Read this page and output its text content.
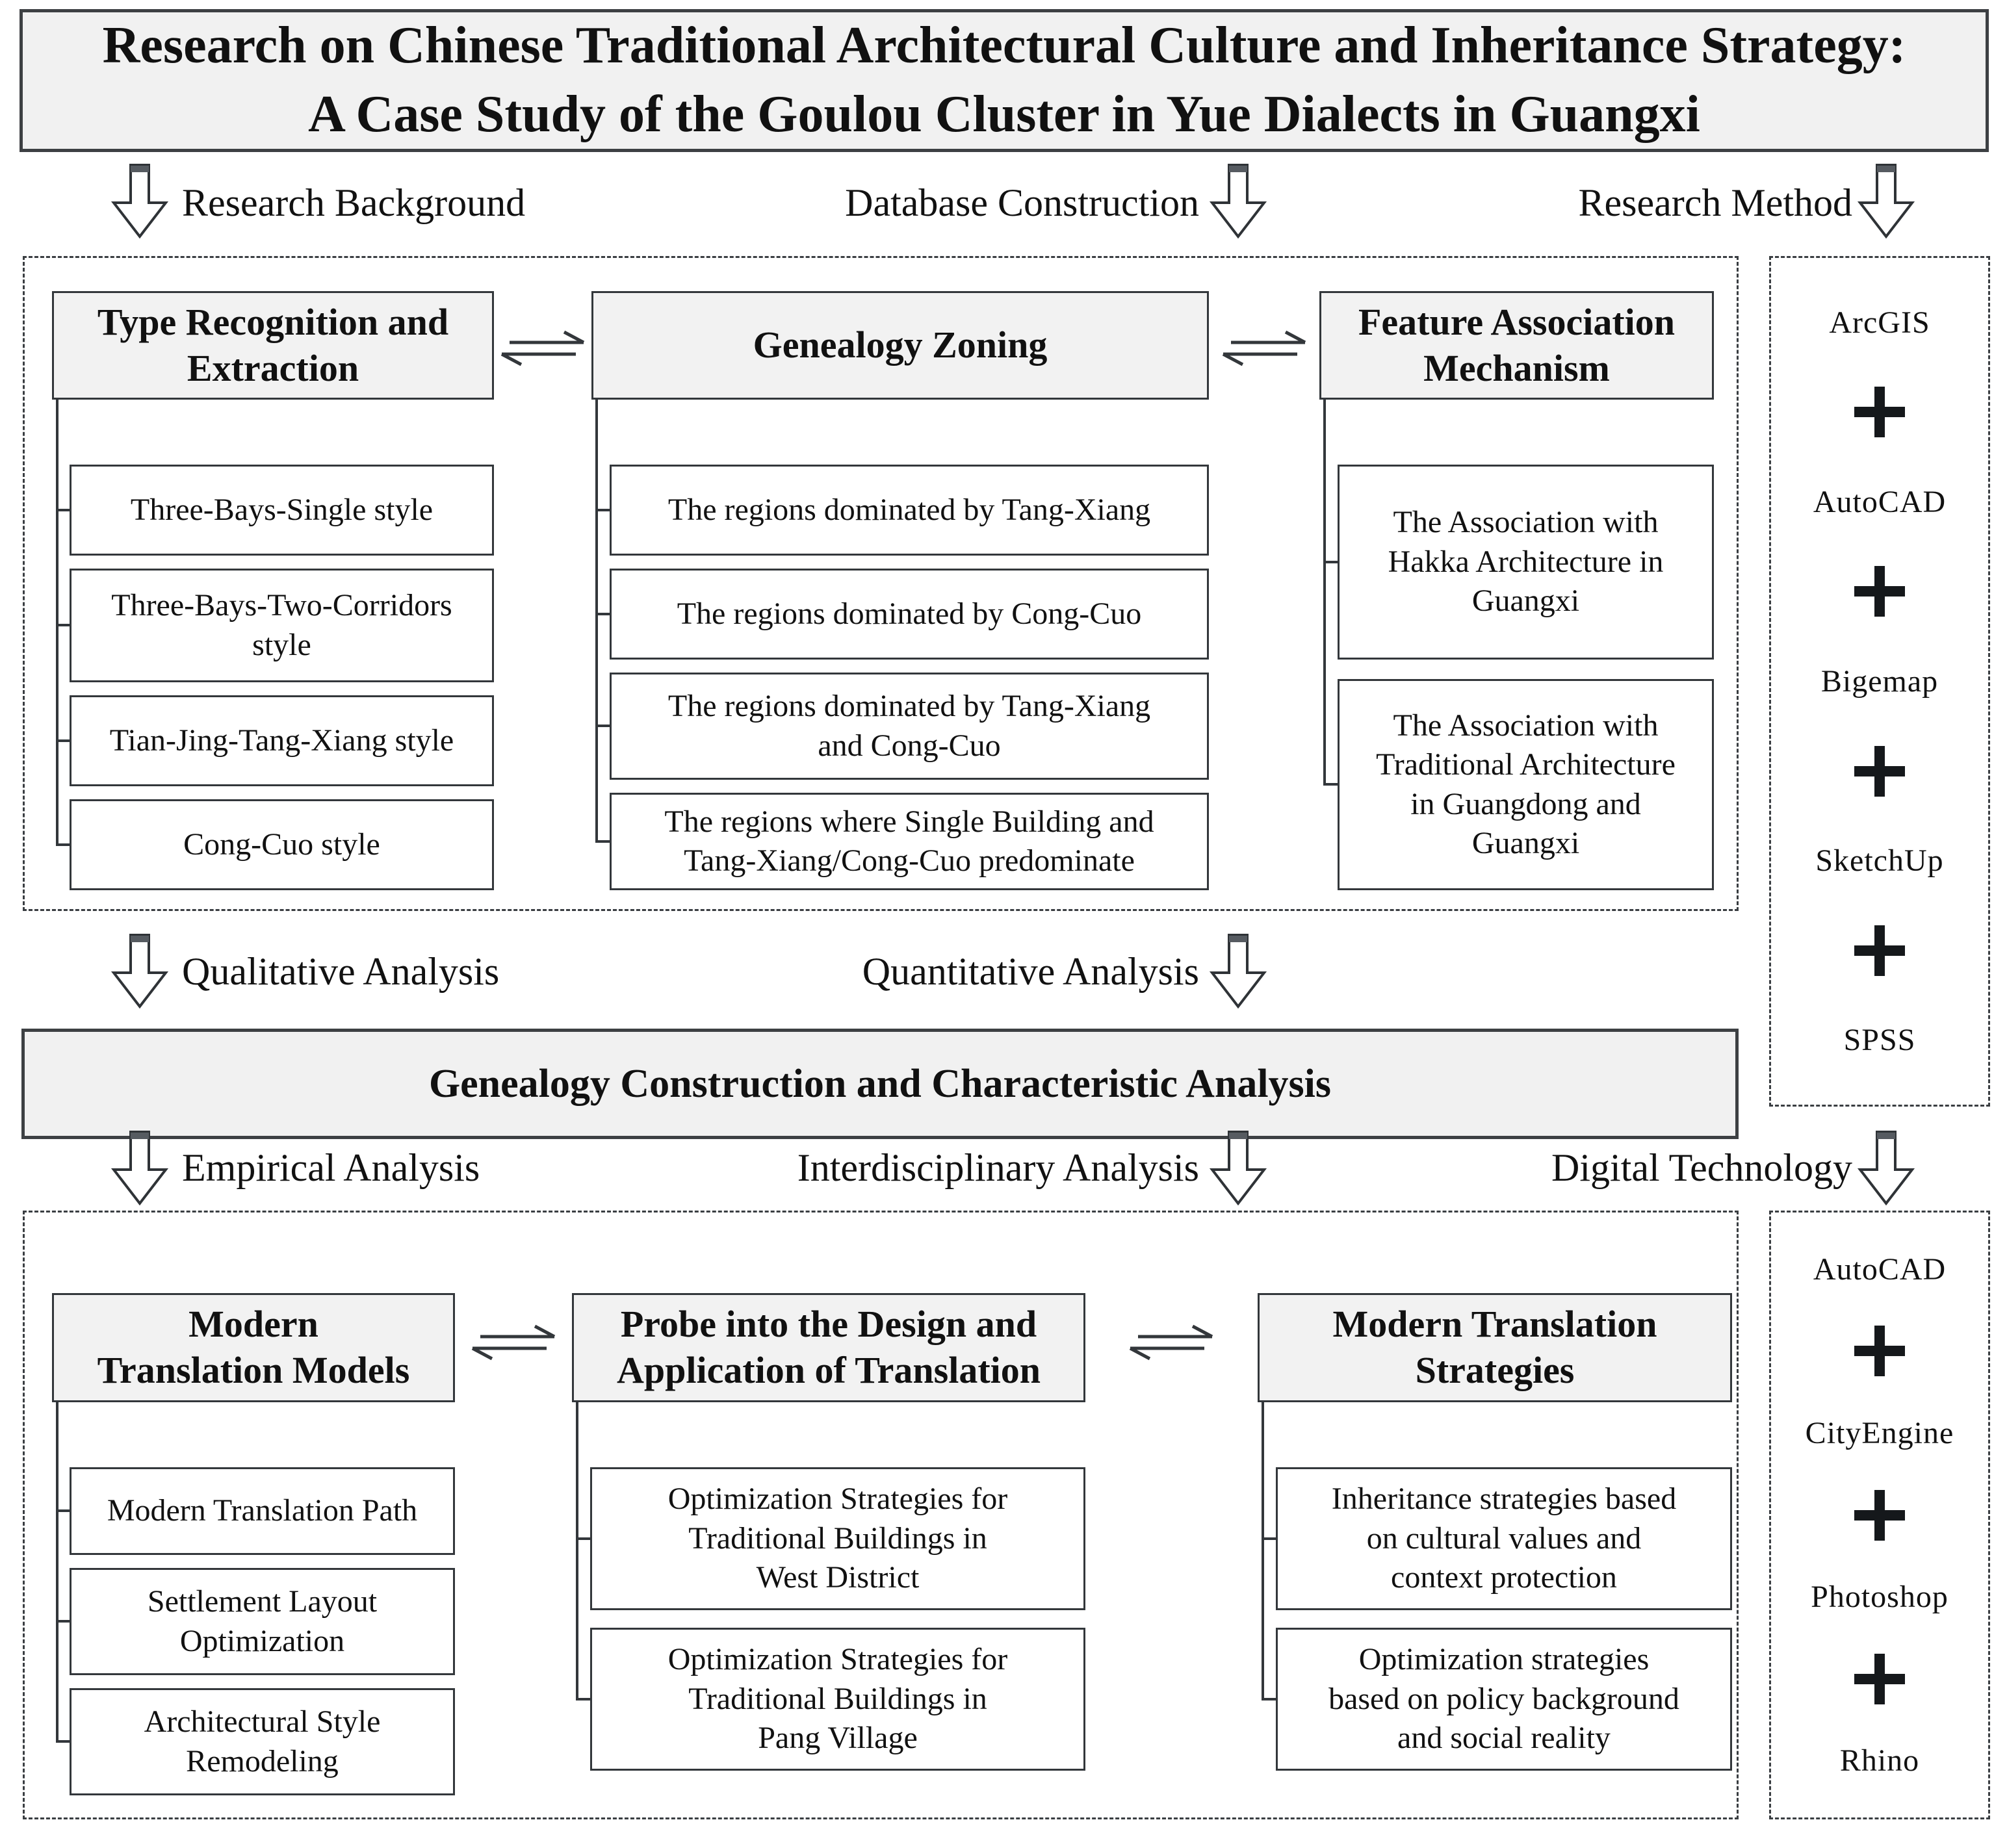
Research on Chinese Traditional Architectural Culture and Inheritance Strategy:
A Case Study of the Goulou Cluster in Yue Dialects in Guangxi
Research Background	Database Construction	Research Method
ArcGIS
AutoCAD
Bigemap
SketchUp
SPSS
Type Recognition and
Extraction
Three-Bays-Single style
Three-Bays-Two-Corridors
style
Tian-Jing-Tang-Xiang style
Cong-Cuo style
Genealogy Zoning
The regions dominated by Tang-Xiang
The regions dominated by Cong-Cuo
The regions dominated by Tang-Xiang
and Cong-Cuo
The regions where Single Building and
Tang-Xiang/Cong-Cuo predominate
Feature Association
Mechanism
The Association with
Hakka Architecture in
Guangxi
The Association with
Traditional Architecture
in Guangdong and
Guangxi
Qualitative Analysis	Quantitative Analysis
Genealogy Construction and Characteristic Analysis
Empirical Analysis	Interdisciplinary Analysis	Digital Technology
AutoCAD
CityEngine
Photoshop
Rhino
Modern
Translation Models
Modern Translation Path
Settlement Layout
Optimization
Architectural Style
Remodeling
Probe into the Design and
Application of Translation
Optimization Strategies for
Traditional Buildings in
West District
Optimization Strategies for
Traditional Buildings in
Pang Village
Modern Translation
Strategies
Inheritance strategies based
on cultural values and
context protection
Optimization strategies
based on policy background
and social reality
